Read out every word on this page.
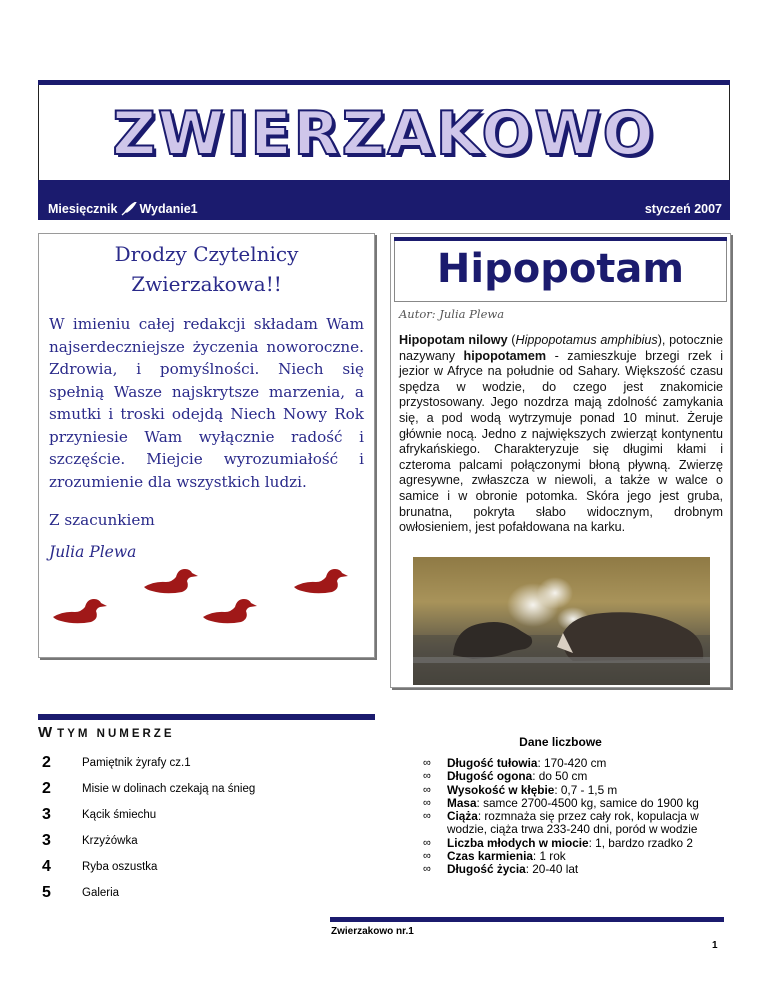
ZWIERZAKOWO
Miesięcznik Wydanie1	styczeń 2007
Drodzy Czytelnicy
Zwierzakowa!!
W imieniu całej redakcji składam Wam najserdeczniejsze życzenia noworoczne. Zdrowia, i pomyślności. Niech się spełnią Wasze najskrytsze marzenia, a smutki i troski odejdą Niech Nowy Rok przyniesie Wam wyłącznie radość i szczęście. Miejcie wyrozumiałość i zrozumienie dla wszystkich ludzi.
Z szacunkiem
Julia Plewa
Hipopotam
Autor: Julia Plewa
Hipopotam nilowy (Hippopotamus amphibius), potocznie nazywany hipopotamem - zamieszkuje brzegi rzek i jezior w Afryce na południe od Sahary. Większość czasu spędza w wodzie, do czego jest znakomicie przystosowany. Jego nozdrza mają zdolność zamykania się, a pod wodą wytrzymuje ponad 10 minut. Żeruje głównie nocą. Jedno z największych zwierząt kontynentu afrykańskiego. Charakteryzuje się długimi kłami i czteroma palcami połączonymi błoną pływną. Zwierzę agresywne, zwłaszcza w niewoli, a także w walce o samice i w obronie potomka. Skóra jego jest gruba, brunatna, pokryta słabo widocznym, drobnym owłosieniem, jest pofałdowana na karku.
W TYM NUMERZE
2	Pamiętnik żyrafy cz.1
2	Misie w dolinach czekają na śnieg
3	Kącik śmiechu
3	Krzyżówka
4	Ryba oszustka
5	Galeria
Dane liczbowe
∞ Długość tułowia: 170-420 cm
∞ Długość ogona: do 50 cm
∞ Wysokość w kłębie: 0,7 - 1,5 m
∞ Masa: samce 2700-4500 kg, samice do 1900 kg
∞ Ciąża: rozmnaża się przez cały rok, kopulacja w wodzie, ciąża trwa 233-240 dni, poród w wodzie
∞ Liczba młodych w miocie: 1, bardzo rzadko 2
∞ Czas karmienia: 1 rok
∞ Długość życia: 20-40 lat
Zwierzakowo nr.1
1
